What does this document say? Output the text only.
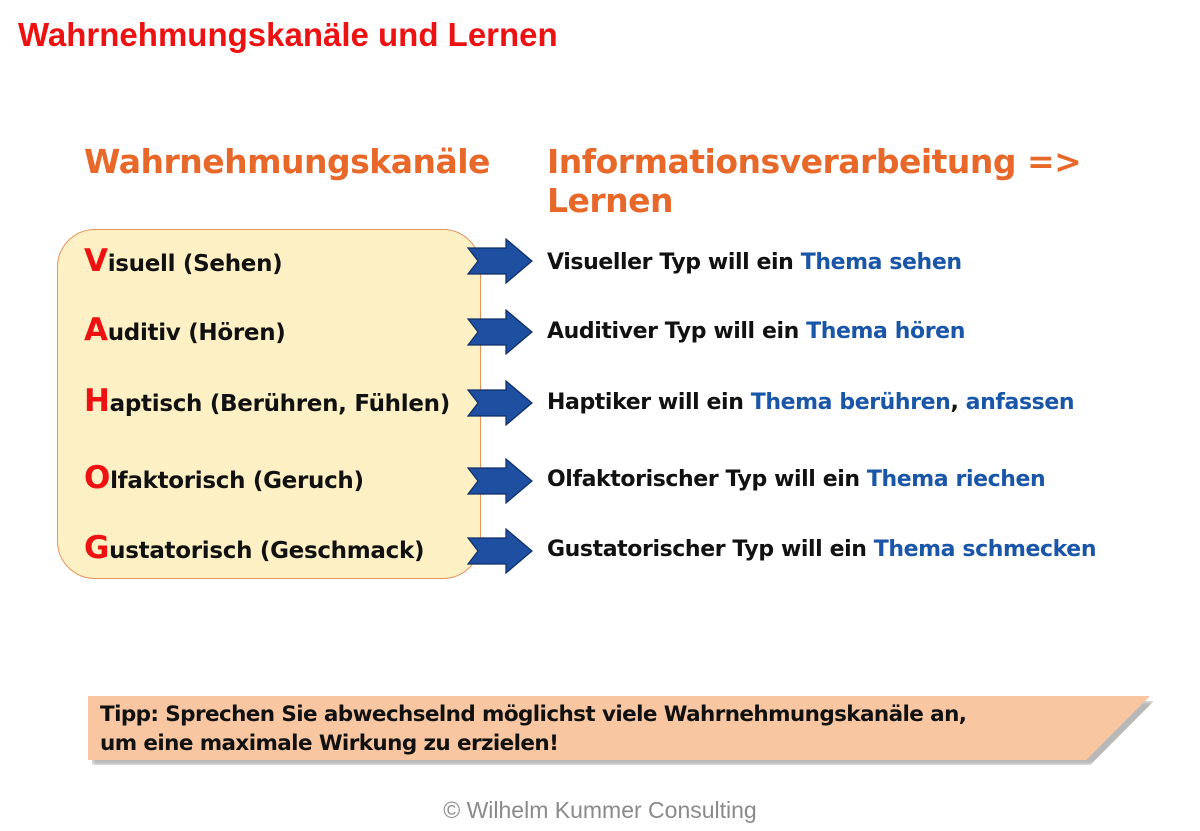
Wahrnehmungskanäle und Lernen
Wahrnehmungskanäle Informationsverarbeitung => Lernen
Visuell (Sehen)	Visueller Typ will ein Thema sehen
Auditiv (Hören)	Auditiver Typ will ein Thema hören
Haptisch (Berühren, Fühlen)	Haptiker will ein Thema berühren, anfassen
Olfaktorisch (Geruch)	Olfaktorischer Typ will ein Thema riechen
Gustatorisch (Geschmack)	Gustatorischer Typ will ein Thema schmecken
Tipp: Sprechen Sie abwechselnd möglichst viele Wahrnehmungskanäle an,
um eine maximale Wirkung zu erzielen!
© Wilhelm Kummer Consulting
